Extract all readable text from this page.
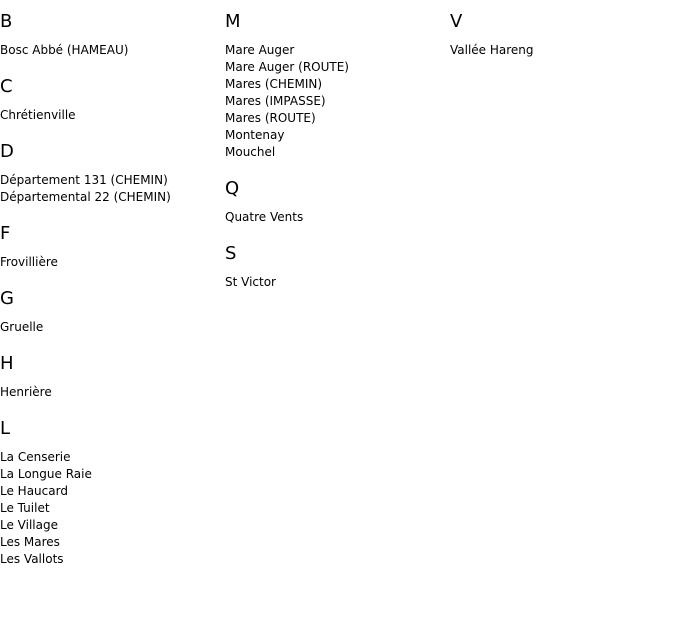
B
Bosc Abbé (HAMEAU)
C
Chrétienville
D
Département 131 (CHEMIN)
Départemental 22 (CHEMIN)
F
Frovillière
G
Gruelle
H
Henrière
L
La Censerie
La Longue Raie
Le Haucard
Le Tuilet
Le Village
Les Mares
Les Vallots
M
Mare Auger
Mare Auger (ROUTE)
Mares (CHEMIN)
Mares (IMPASSE)
Mares (ROUTE)
Montenay
Mouchel
Q
Quatre Vents
S
St Victor
V
Vallée Hareng
